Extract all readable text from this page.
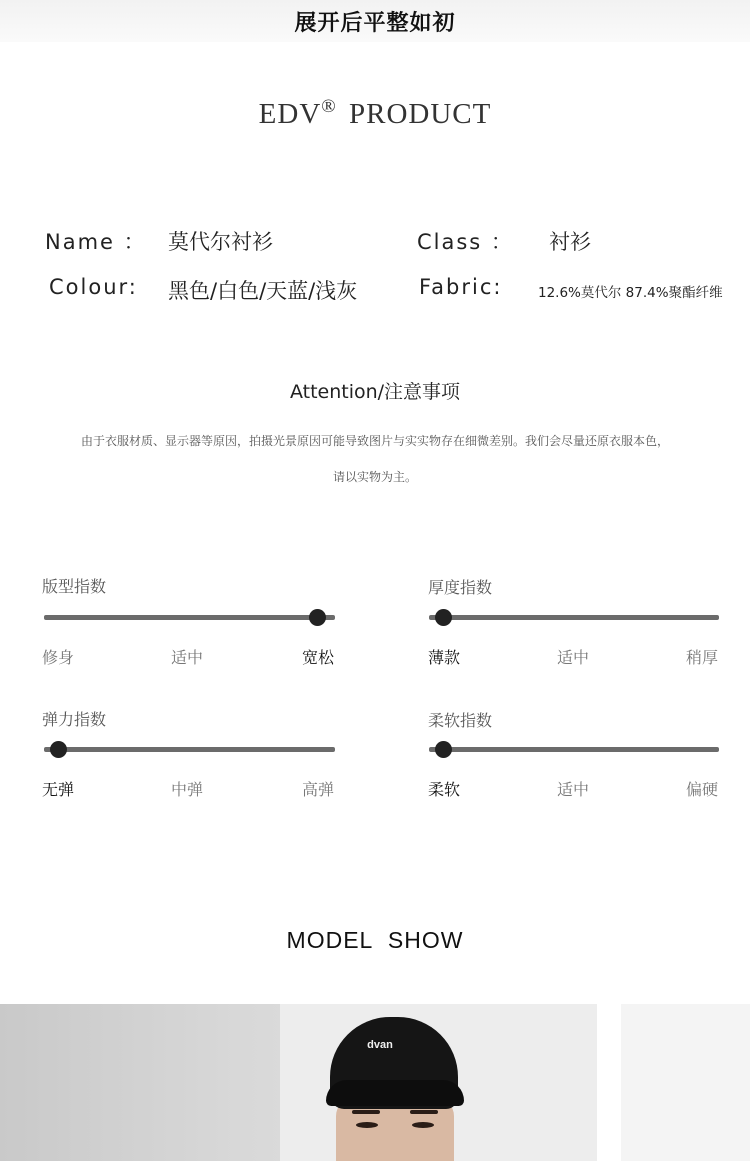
展开后平整如初
EDV® PRODUCT
Name ： 莫代尔衬衫	Class ： 衬衫
Colour: 黑色/白色/天蓝/浅灰	Fabric:	12.6%莫代尔 87.4%聚酯纤维
Attention/注意事项
由于衣服材质、显示器等原因，拍摄光景原因可能导致图片与实实物存在细微差别。我们会尽量还原衣服本色，
请以实物为主。
版型指数
修身	适中	宽松
厚度指数
薄款	适中	稍厚
弹力指数
无弹	中弹	高弹
柔软指数
柔软	适中	偏硬
MODEL SHOW
dvan
